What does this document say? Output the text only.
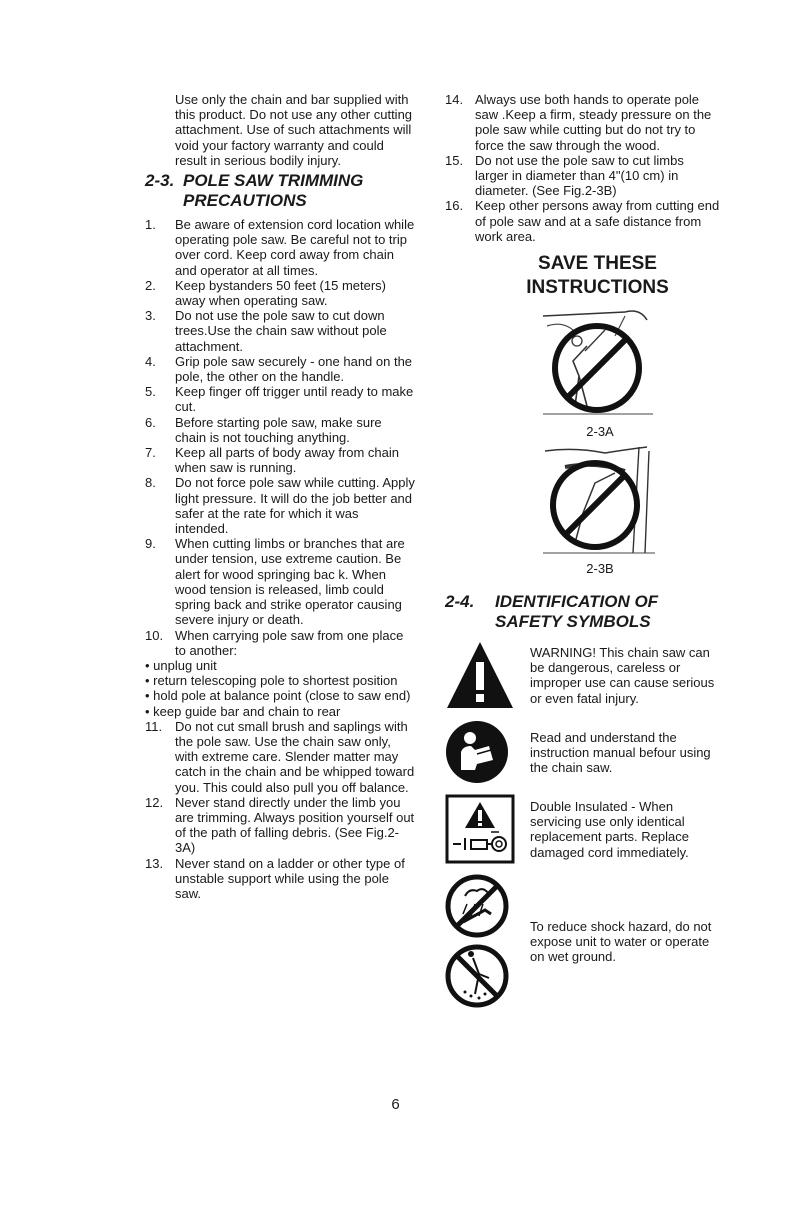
Use only the chain and bar supplied with this product. Do not use any other cutting attachment. Use of such attachments will void your factory warranty and could result in serious bodily injury.
2-3. POLE SAW TRIMMING
PRECAUTIONS
1.	Be aware of extension cord location while operating pole saw. Be careful not to trip over cord. Keep cord away from chain and operator at all times.
2.	Keep bystanders 50 feet (15 meters) away when operating saw.
3.	Do not use the pole saw to cut down trees.Use the chain saw without pole attachment.
4.	Grip pole saw securely - one hand on the pole, the other on the handle.
5.	Keep finger off trigger until ready to make cut.
6.	Before starting pole saw, make sure chain is not touching anything.
7.	Keep all parts of body away from chain when saw is running.
8.	Do not force pole saw while cutting. Apply light pressure. It will do the job better and safer at the rate for which it was intended.
9.	When cutting limbs or branches that are under tension, use extreme caution. Be alert for wood springing bac k. When wood tension is released, limb could spring back and strike operator causing severe injury or death.
10. When carrying pole saw from one place to another:
• unplug unit
• return telescoping pole to shortest position
• hold pole at balance point (close to saw end)
• keep guide bar and chain to rear
11. Do not cut small brush and saplings with the pole saw. Use the chain saw only, with extreme care. Slender matter may catch in the chain and be whipped toward you. This could also pull you off balance.
12. Never stand directly under the limb you are trimming. Always position yourself out of the path of falling debris. (See Fig.2-3A)
13. Never stand on a ladder or other type of unstable support while using the pole saw.
14. Always use both hands to operate pole saw .Keep a firm, steady pressure on the pole saw while cutting but do not try to force the saw through the wood.
15. Do not use the pole saw to cut limbs larger in diameter than 4"(10 cm) in diameter. (See Fig.2-3B)
16. Keep other persons away from cutting end of pole saw and at a safe distance from work area.
SAVE THESE
INSTRUCTIONS
2-3A
2-3B
2-4. IDENTIFICATION OF
SAFETY SYMBOLS
WARNING! This chain saw can be dangerous, careless or improper use can cause serious or even fatal injury.
Read and understand the instruction manual befour using the chain saw.
Double Insulated - When servicing use only identical replacement parts. Replace damaged cord immediately.
To reduce shock hazard, do not expose unit to water or operate on wet ground.
6
